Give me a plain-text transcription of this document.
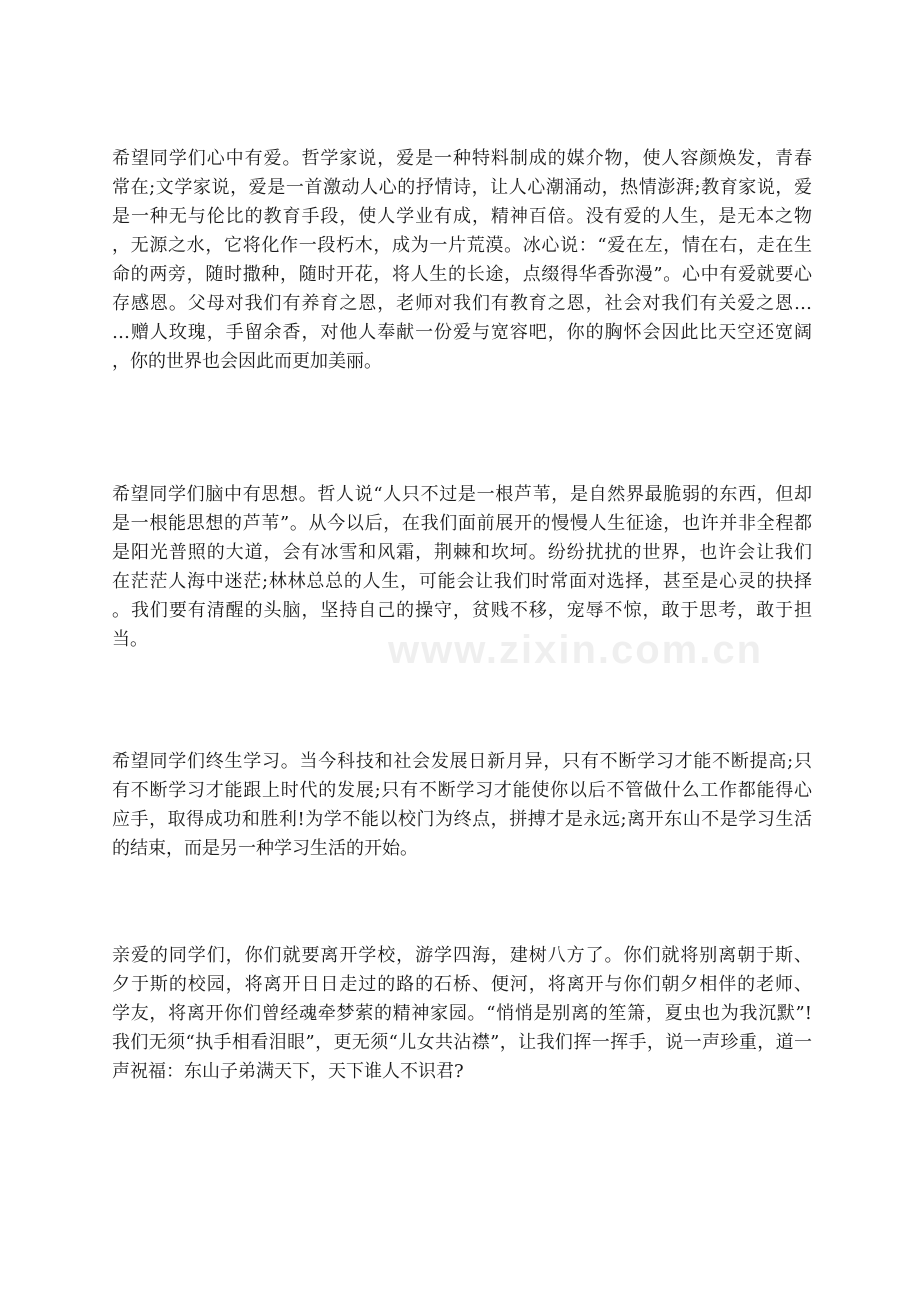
希望同学们心中有爱。哲学家说，爱是一种特料制成的媒介物，使人容颜焕发，青春
常在;文学家说，爱是一首激动人心的抒情诗，让人心潮涌动，热情澎湃;教育家说，爱
是一种无与伦比的教育手段，使人学业有成，精神百倍。没有爱的人生，是无本之物
，无源之水，它将化作一段朽木，成为一片荒漠。冰心说：“爱在左，情在右，走在生
命的两旁，随时撒种，随时开花，将人生的长途，点缀得华香弥漫”。心中有爱就要心
存感恩。父母对我们有养育之恩，老师对我们有教育之恩，社会对我们有关爱之恩…
…赠人玫瑰，手留余香，对他人奉献一份爱与宽容吧，你的胸怀会因此比天空还宽阔
，你的世界也会因此而更加美丽。

希望同学们脑中有思想。哲人说“人只不过是一根芦苇，是自然界最脆弱的东西，但却
是一根能思想的芦苇”。从今以后，在我们面前展开的慢慢人生征途，也许并非全程都
是阳光普照的大道，会有冰雪和风霜，荆棘和坎坷。纷纷扰扰的世界，也许会让我们
在茫茫人海中迷茫;林林总总的人生，可能会让我们时常面对选择，甚至是心灵的抉择
。我们要有清醒的头脑，坚持自己的操守，贫贱不移，宠辱不惊，敢于思考，敢于担
当。

希望同学们终生学习。当今科技和社会发展日新月异，只有不断学习才能不断提高;只
有不断学习才能跟上时代的发展;只有不断学习才能使你以后不管做什么工作都能得心
应手，取得成功和胜利!为学不能以校门为终点，拼搏才是永远;离开东山不是学习生活
的结束，而是另一种学习生活的开始。

亲爱的同学们，你们就要离开学校，游学四海，建树八方了。你们就将别离朝于斯、
夕于斯的校园，将离开日日走过的路的石桥、便河，将离开与你们朝夕相伴的老师、
学友，将离开你们曾经魂牵梦萦的精神家园。“悄悄是别离的笙箫，夏虫也为我沉默”!
我们无须“执手相看泪眼”，更无须“儿女共沾襟”，让我们挥一挥手，说一声珍重，道一
声祝福：东山子弟满天下，天下谁人不识君?

www.zixin.com.cn
